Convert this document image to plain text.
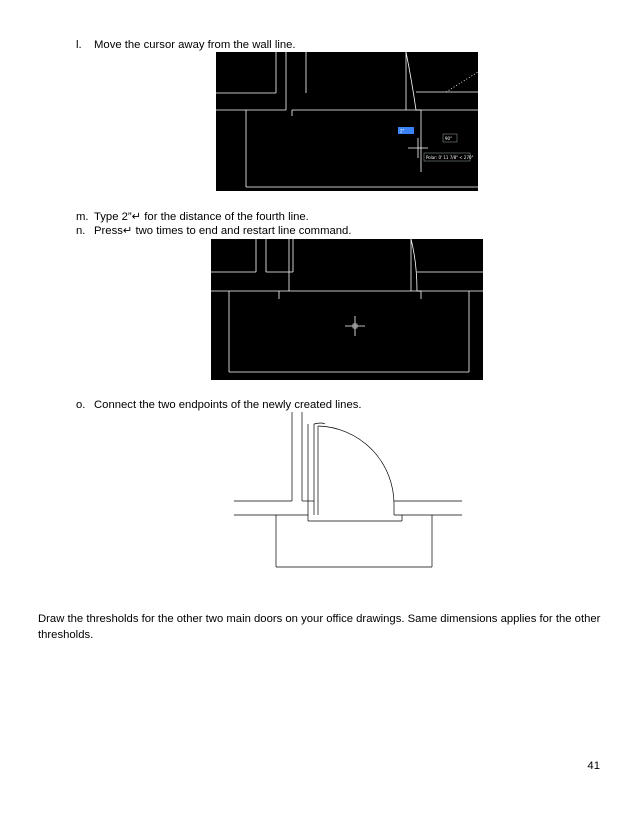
l. Move the cursor away from the wall line.
2"
90°
Polar: 0' 11 7/8" < 270°
m. Type 2”↵ for the distance of the fourth line.
n. Press↵ two times to end and restart line command.
o. Connect the two endpoints of the newly created lines.
Draw the thresholds for the other two main doors on your office drawings. Same dimensions applies for the other thresholds.
41
